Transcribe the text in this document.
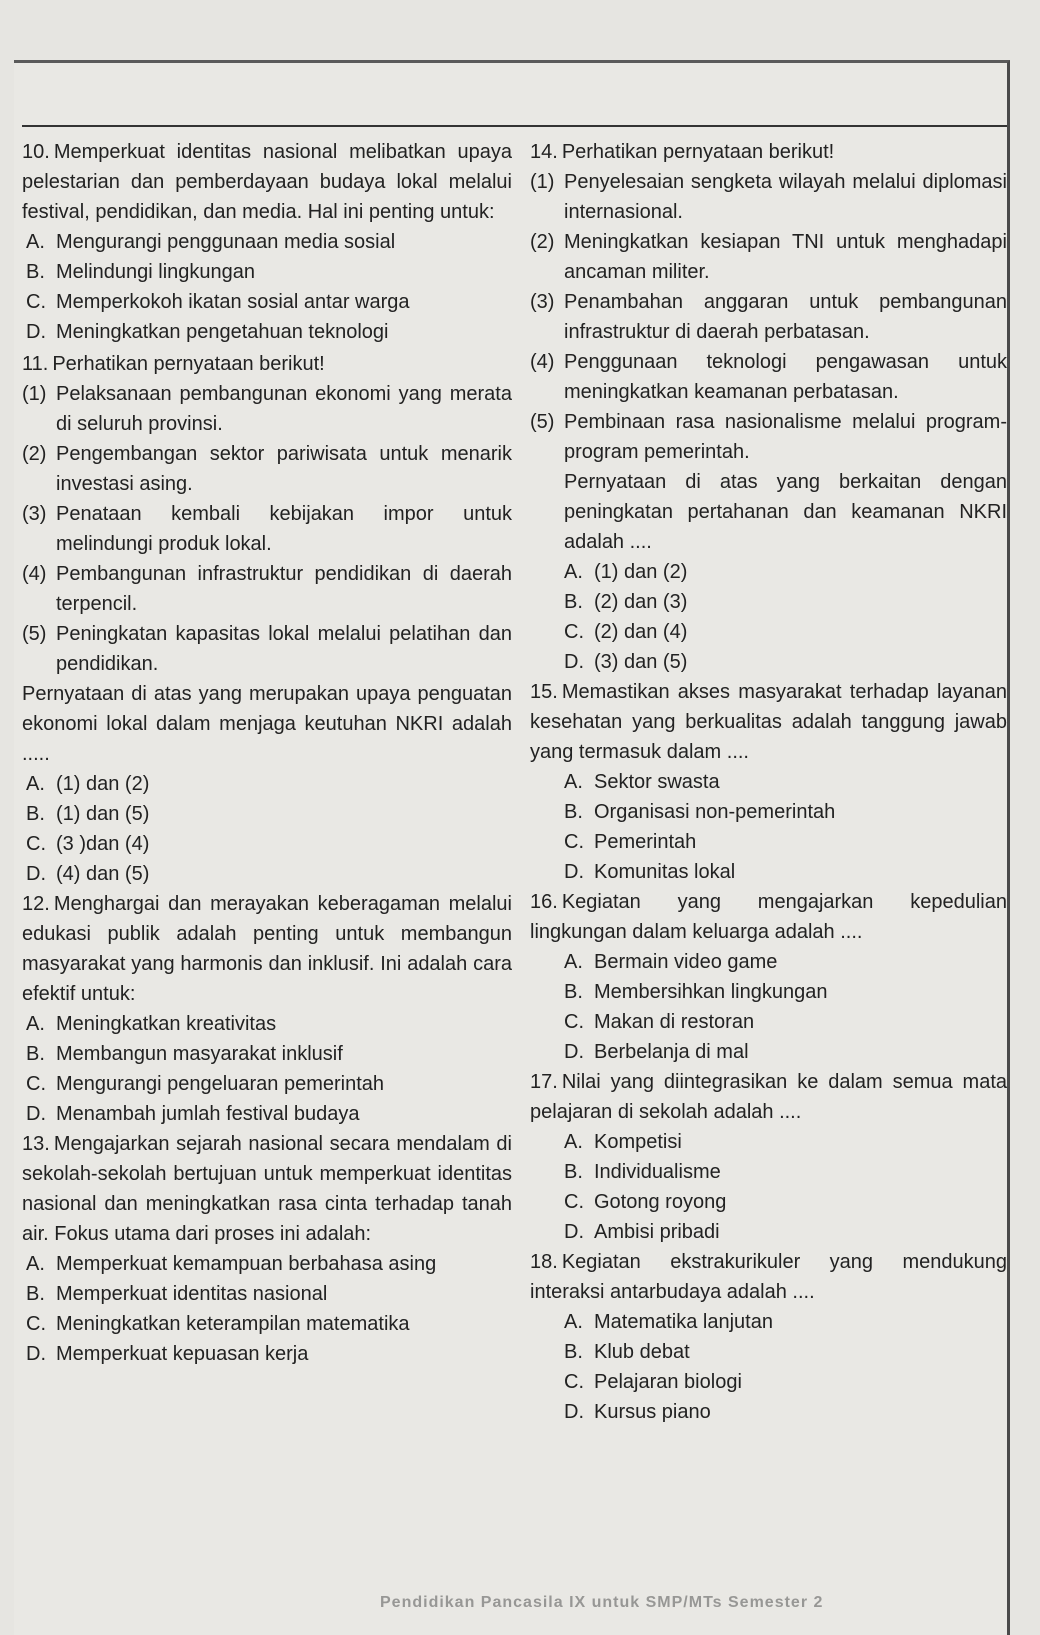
10. Memperkuat identitas nasional melibatkan upaya pelestarian dan pemberdayaan budaya lokal melalui festival, pendidikan, dan media. Hal ini penting untuk:

A. Mengurangi penggunaan media sosial
B. Melindungi lingkungan
C. Memperkokoh ikatan sosial antar warga
D. Meningkatkan pengetahuan teknologi

11. Perhatikan pernyataan berikut!

(1) Pelaksanaan pembangunan ekonomi yang merata di seluruh provinsi.
(2) Pengembangan sektor pariwisata untuk menarik investasi asing.
(3) Penataan kembali kebijakan impor untuk melindungi produk lokal.
(4) Pembangunan infrastruktur pendidikan di daerah terpencil.
(5) Peningkatan kapasitas lokal melalui pelatihan dan pendidikan.

Pernyataan di atas yang merupakan upaya penguatan ekonomi lokal dalam menjaga keutuhan NKRI adalah .....

A. (1) dan (2)
B. (1) dan (5)
C. (3 )dan (4)
D. (4) dan (5)

12. Menghargai dan merayakan keberagaman melalui edukasi publik adalah penting untuk membangun masyarakat yang harmonis dan inklusif. Ini adalah cara efektif untuk:

A. Meningkatkan kreativitas
B. Membangun masyarakat inklusif
C. Mengurangi pengeluaran pemerintah
D. Menambah jumlah festival budaya

13. Mengajarkan sejarah nasional secara mendalam di sekolah-sekolah bertujuan untuk memperkuat identitas nasional dan meningkatkan rasa cinta terhadap tanah air. Fokus utama dari proses ini adalah:

A. Memperkuat kemampuan berbahasa asing
B. Memperkuat identitas nasional
C. Meningkatkan keterampilan matematika
D. Memperkuat kepuasan kerja

14. Perhatikan pernyataan berikut!

(1) Penyelesaian sengketa wilayah melalui diplomasi internasional.
(2) Meningkatkan kesiapan TNI untuk menghadapi ancaman militer.
(3) Penambahan anggaran untuk pembangunan infrastruktur di daerah perbatasan.
(4) Penggunaan teknologi pengawasan untuk meningkatkan keamanan perbatasan.
(5) Pembinaan rasa nasionalisme melalui program-program pemerintah.

Pernyataan di atas yang berkaitan dengan peningkatan pertahanan dan keamanan NKRI adalah ....

A. (1) dan (2)
B. (2) dan (3)
C. (2) dan (4)
D. (3) dan (5)

15. Memastikan akses masyarakat terhadap layanan kesehatan yang berkualitas adalah tanggung jawab yang termasuk dalam ....

A. Sektor swasta
B. Organisasi non-pemerintah
C. Pemerintah
D. Komunitas lokal

16. Kegiatan yang mengajarkan kepedulian lingkungan dalam keluarga adalah ....

A. Bermain video game
B. Membersihkan lingkungan
C. Makan di restoran
D. Berbelanja di mal

17. Nilai yang diintegrasikan ke dalam semua mata pelajaran di sekolah adalah ....

A. Kompetisi
B. Individualisme
C. Gotong royong
D. Ambisi pribadi

18. Kegiatan ekstrakurikuler yang mendukung interaksi antarbudaya adalah ....

A. Matematika lanjutan
B. Klub debat
C. Pelajaran biologi
D. Kursus piano
Pendidikan Pancasila IX untuk SMP/MTs Semester 2
